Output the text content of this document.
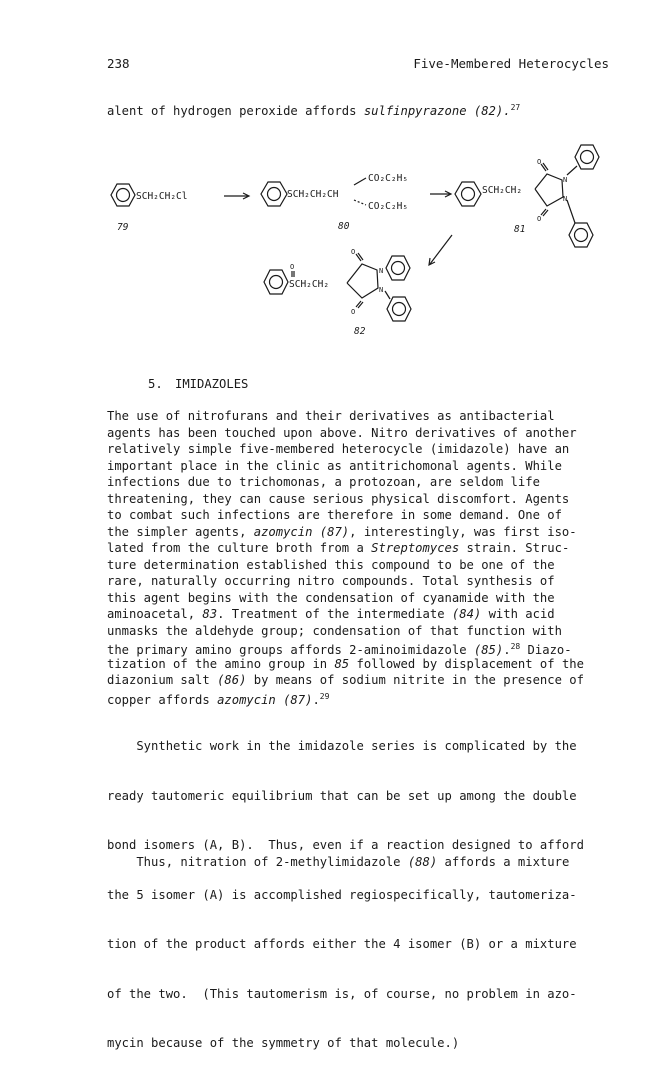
238	Five-Membered Heterocycles
alent of hydrogen peroxide affords sulfinpyrazone (82).$^{27}$
SCH₂CH₂Cl
79
SCH₂CH₂CH
CO₂C₂H₅
CO₂C₂H₅
80
SCH₂CH₂
O
O
N
N
81
O
SCH₂CH₂
O
O
N
N
82
5. IMIDAZOLES
The use of nitrofurans and their derivatives as antibacterial
agents has been touched upon above. Nitro derivatives of another
relatively simple five-membered heterocycle (imidazole) have an
important place in the clinic as antitrichomonal agents. While
infections due to trichomonas, a protozoan, are seldom life
threatening, they can cause serious physical discomfort. Agents
to combat such infections are therefore in some demand. One of
the simpler agents, azomycin (87), interestingly, was first iso-
lated from the culture broth from a Streptomyces strain. Struc-
ture determination established this compound to be one of the
rare, naturally occurring nitro compounds. Total synthesis of
this agent begins with the condensation of cyanamide with the
aminoacetal, 83. Treatment of the intermediate (84) with acid
unmasks the aldehyde group; condensation of that function with
the primary amino groups affords 2-aminoimidazole (85).$^{28}$ Diazo-
tization of the amino group in 85 followed by displacement of the
diazonium salt (86) by means of sodium nitrite in the presence of
copper affords azomycin (87).$^{29}$

Synthetic work in the imidazole series is complicated by the

ready tautomeric equilibrium that can be set up among the double

bond isomers (A, B).  Thus, even if a reaction designed to afford

the 5 isomer (A) is accomplished regiospecifically, tautomeriza-

tion of the product affords either the 4 isomer (B) or a mixture

of the two.  (This tautomerism is, of course, no problem in azo-

mycin because of the symmetry of that molecule.)

Thus, nitration of 2-methylimidazole (88) affords a mixture
